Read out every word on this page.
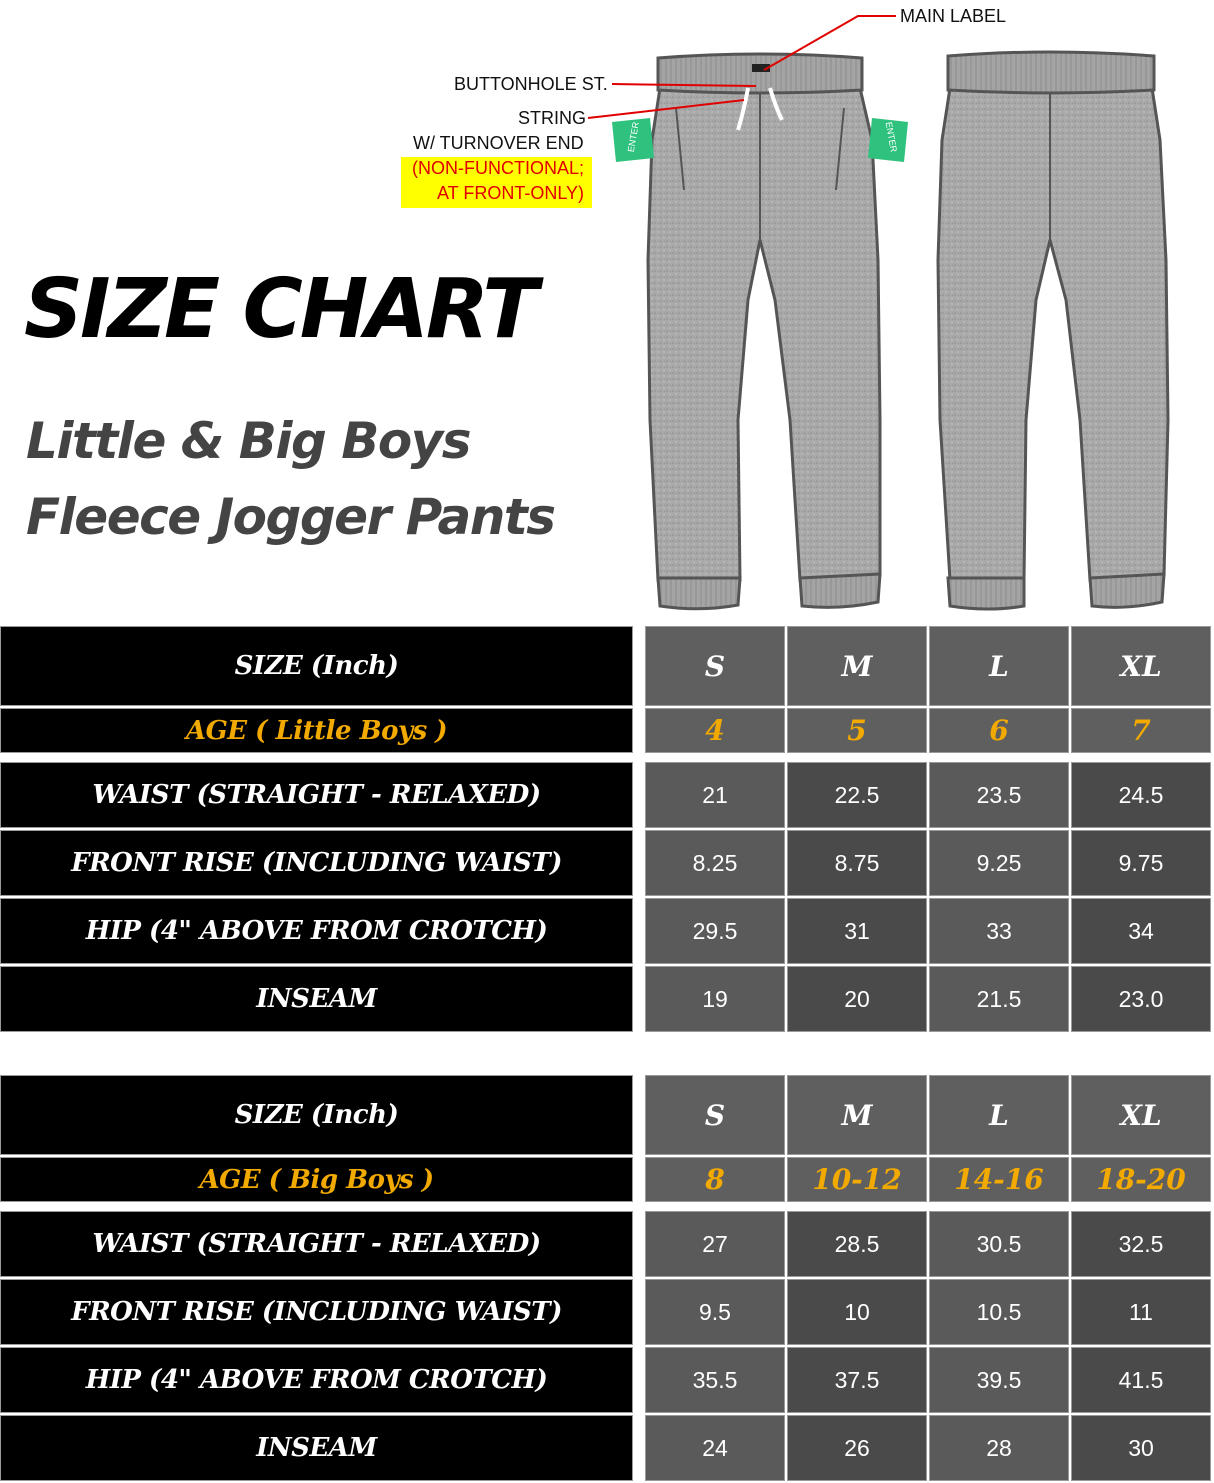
ENTER	ENTER
MAIN LABEL
BUTTONHOLE ST.
STRING
W/ TURNOVER END
(NON-FUNCTIONAL;
AT FRONT-ONLY)
SIZE CHART
Little & Big Boys
Fleece Jogger Pants
SIZE (Inch)	S	M	L	XL
AGE ( Little Boys )	4	5	6	7
WAIST (STRAIGHT - RELAXED)	21	22.5	23.5	24.5
FRONT RISE (INCLUDING WAIST)	8.25	8.75	9.25	9.75
HIP (4" ABOVE FROM CROTCH)	29.5	31	33	34
INSEAM	19	20	21.5	23.0
SIZE (Inch)	S	M	L	XL
AGE ( Big Boys )	8	10-12	14-16	18-20
WAIST (STRAIGHT - RELAXED)	27	28.5	30.5	32.5
FRONT RISE (INCLUDING WAIST)	9.5	10	10.5	11
HIP (4" ABOVE FROM CROTCH)	35.5	37.5	39.5	41.5
INSEAM	24	26	28	30
